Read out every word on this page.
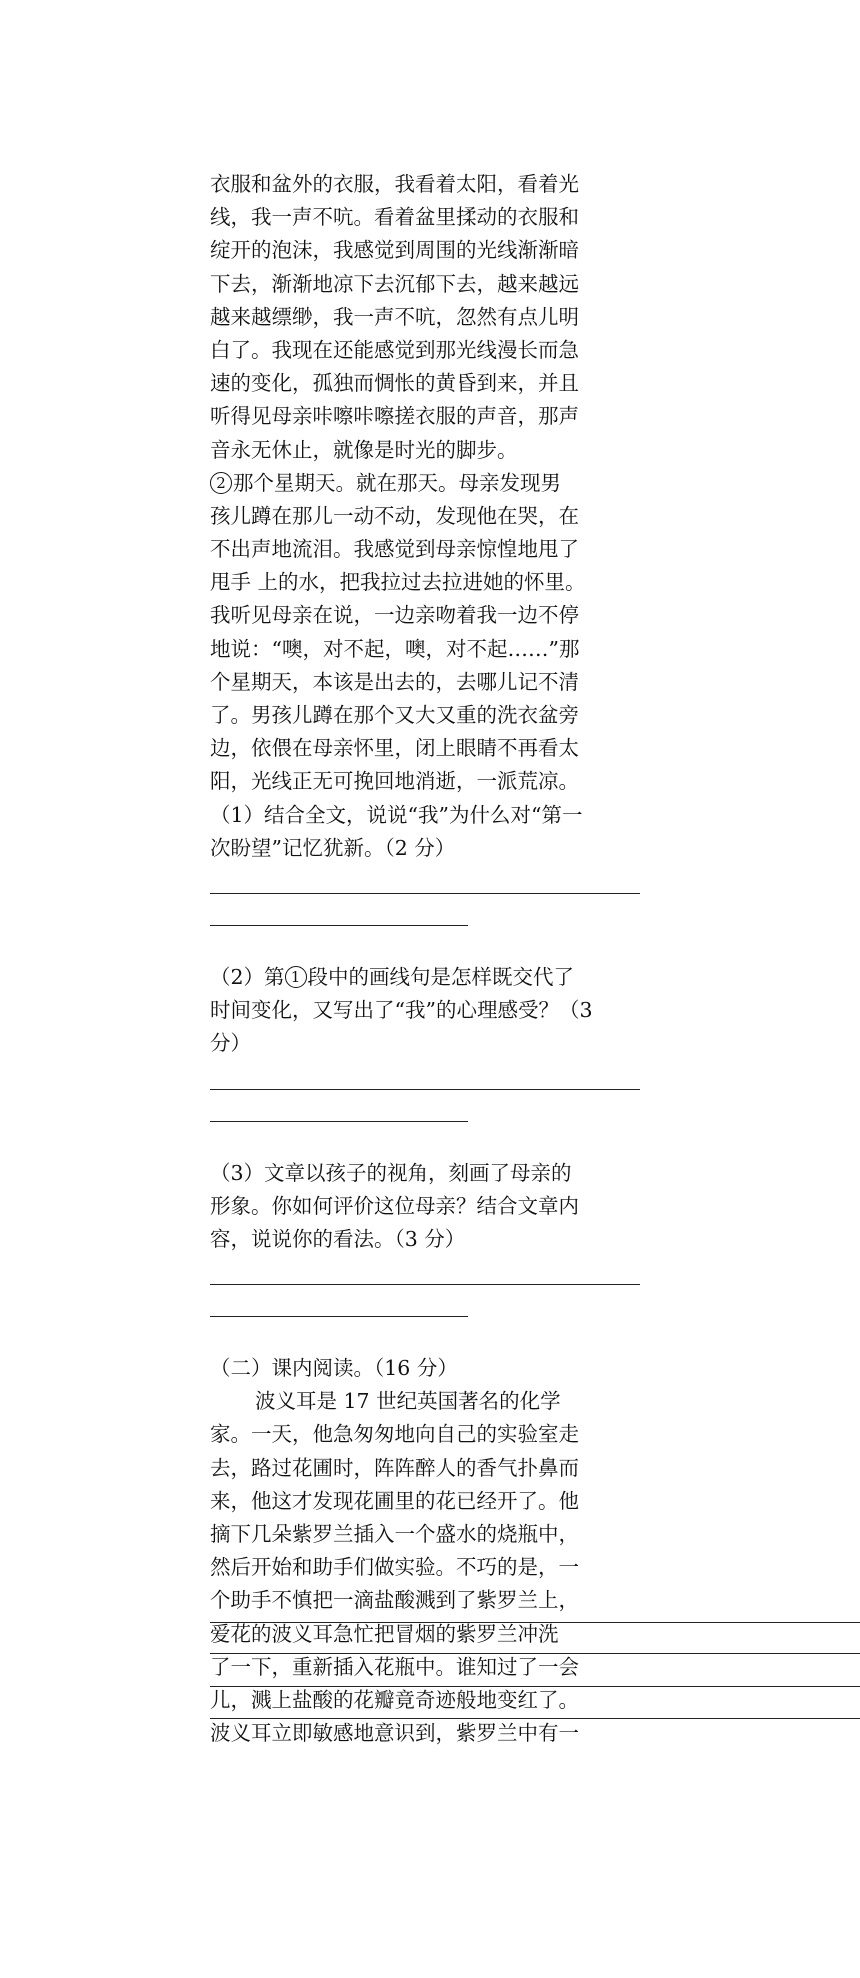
衣服和盆外的衣服，我看着太阳，看着光
线，我一声不吭。看着盆里揉动的衣服和
绽开的泡沫，我感觉到周围的光线渐渐暗
下去，渐渐地凉下去沉郁下去，越来越远
越来越缥缈，我一声不吭，忽然有点儿明
白了。我现在还能感觉到那光线漫长而急
速的变化，孤独而惆怅的黄昏到来，并且
听得见母亲咔嚓咔嚓搓衣服的声音，那声
音永无休止，就像是时光的脚步。
2 那个星期天。就在那天。母亲发现男
孩儿蹲在那儿一动不动，发现他在哭，在
不出声地流泪。我感觉到母亲惊惶地甩了
甩手 上的水，把我拉过去拉进她的怀里。
我听见母亲在说，一边亲吻着我一边不停
地说：“噢，对不起，噢，对不起……”那
个星期天，本该是出去的，去哪儿记不清
了。男孩儿蹲在那个又大又重的洗衣盆旁
边，依偎在母亲怀里，闭上眼睛不再看太
阳，光线正无可挽回地消逝，一派荒凉。
（1）结合全文，说说“我”为什么对“第一
次盼望”记忆犹新。（2 分）
（2）第 1 段中的画线句是怎样既交代了
时间变化，又写出了“我”的心理感受？（3
分）
（3）文章以孩子的视角，刻画了母亲的
形象。你如何评价这位母亲？结合文章内
容，说说你的看法。（3 分）
（二）课内阅读。（16 分）
波义耳是 17 世纪英国著名的化学
家。一天，他急匆匆地向自己的实验室走
去，路过花圃时，阵阵醉人的香气扑鼻而
来，他这才发现花圃里的花已经开了。他
摘下几朵紫罗兰插入一个盛水的烧瓶中，
然后开始和助手们做实验。不巧的是，一
个助手不慎把一滴盐酸溅到了紫罗兰上，
爱花的波义耳急忙把冒烟的紫罗兰冲洗
了一下，重新插入花瓶中。谁知过了一会
儿，溅上盐酸的花瓣竟奇迹般地变红了。
波义耳立即敏感地意识到，紫罗兰中有一
